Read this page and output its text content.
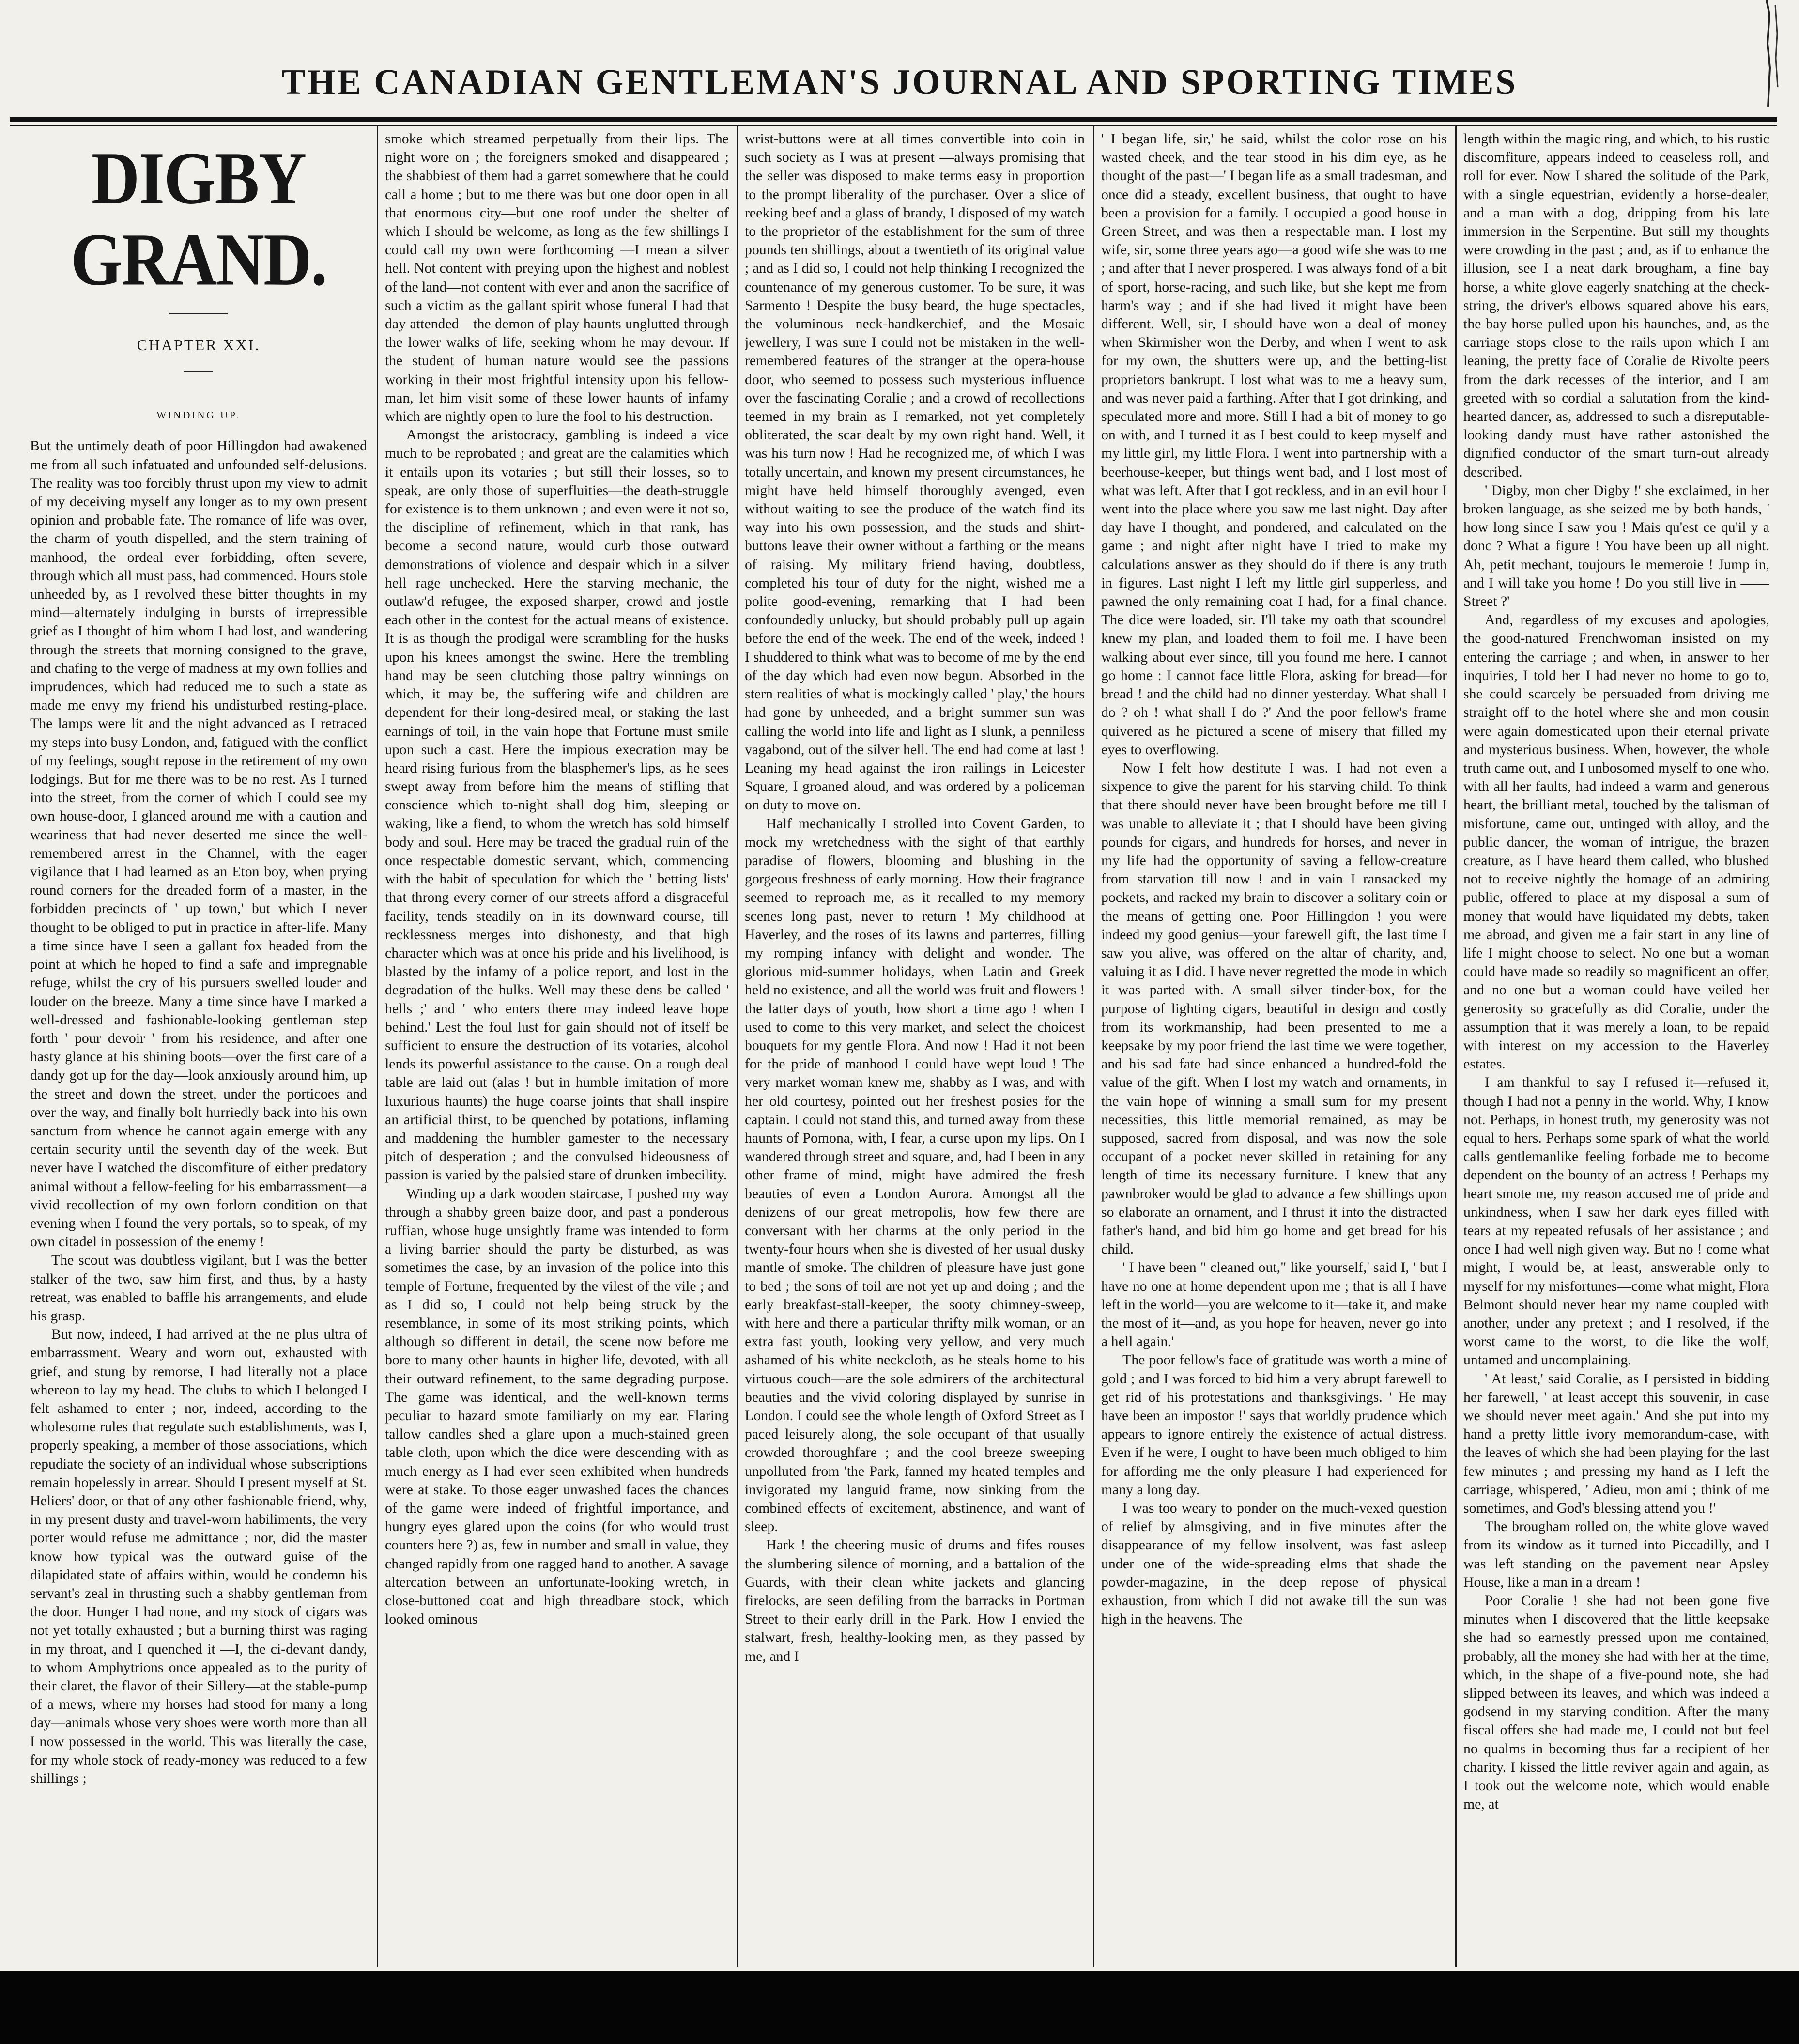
THE CANADIAN GENTLEMAN'S JOURNAL AND SPORTING TIMES
DIGBY GRAND.
CHAPTER XXI.
WINDING UP.

But the untimely death of poor Hillingdon had awakened me from all such infatuated and unfounded self-delusions. The reality was too forcibly thrust upon my view to admit of my deceiving myself any longer as to my own present opinion and probable fate. The romance of life was over, the charm of youth dispelled, and the stern training of manhood, the ordeal ever forbidding, often severe, through which all must pass, had commenced. Hours stole unheeded by, as I revolved these bitter thoughts in my mind—alternately indulging in bursts of irrepressible grief as I thought of him whom I had lost, and wandering through the streets that morning consigned to the grave, and chafing to the verge of madness at my own follies and imprudences, which had reduced me to such a state as made me envy my friend his undisturbed resting-place. The lamps were lit and the night advanced as I retraced my steps into busy London, and, fatigued with the conflict of my feelings, sought repose in the retirement of my own lodgings. But for me there was to be no rest. As I turned into the street, from the corner of which I could see my own house-door, I glanced around me with a caution and weariness that had never deserted me since the well-remembered arrest in the Channel, with the eager vigilance that I had learned as an Eton boy, when prying round corners for the dreaded form of a master, in the forbidden precincts of ' up town,' but which I never thought to be obliged to put in practice in after-life. Many a time since have I seen a gallant fox headed from the point at which he hoped to find a safe and impregnable refuge, whilst the cry of his pursuers swelled louder and louder on the breeze. Many a time since have I marked a well-dressed and fashionable-looking gentleman step forth ' pour devoir ' from his residence, and after one hasty glance at his shining boots—over the first care of a dandy got up for the day—look anxiously around him, up the street and down the street, under the porticoes and over the way, and finally bolt hurriedly back into his own sanctum from whence he cannot again emerge with any certain security until the seventh day of the week. But never have I watched the discomfiture of either predatory animal without a fellow-feeling for his embarrassment—a vivid recollection of my own forlorn condition on that evening when I found the very portals, so to speak, of my own citadel in possession of the enemy !

The scout was doubtless vigilant, but I was the better stalker of the two, saw him first, and thus, by a hasty retreat, was enabled to baffle his arrangements, and elude his grasp.

But now, indeed, I had arrived at the ne plus ultra of embarrassment. Weary and worn out, exhausted with grief, and stung by remorse, I had literally not a place whereon to lay my head. The clubs to which I belonged I felt ashamed to enter ; nor, indeed, according to the wholesome rules that regulate such establishments, was I, properly speaking, a member of those associations, which repudiate the society of an individual whose subscriptions remain hopelessly in arrear. Should I present myself at St. Heliers' door, or that of any other fashionable friend, why, in my present dusty and travel-worn habiliments, the very porter would refuse me admittance ; nor, did the master know how typical was the outward guise of the dilapidated state of affairs within, would he condemn his servant's zeal in thrusting such a shabby gentleman from the door. Hunger I had none, and my stock of cigars was not yet totally exhausted ; but a burning thirst was raging in my throat, and I quenched it —I, the ci-devant dandy, to whom Amphytrions once appealed as to the purity of their claret, the flavor of their Sillery—at the stable-pump of a mews, where my horses had stood for many a long day—animals whose very shoes were worth more than all I now possessed in the world. This was literally the case, for my whole stock of ready-money was reduced to a few shillings ;

smoke which streamed perpetually from their lips. The night wore on ; the foreigners smoked and disappeared ; the shabbiest of them had a garret somewhere that he could call a home ; but to me there was but one door open in all that enormous city—but one roof under the shelter of which I should be welcome, as long as the few shillings I could call my own were forthcoming —I mean a silver hell. Not content with preying upon the highest and noblest of the land—not content with ever and anon the sacrifice of such a victim as the gallant spirit whose funeral I had that day attended—the demon of play haunts unglutted through the lower walks of life, seeking whom he may devour. If the student of human nature would see the passions working in their most frightful intensity upon his fellow-man, let him visit some of these lower haunts of infamy which are nightly open to lure the fool to his destruction.

Amongst the aristocracy, gambling is indeed a vice much to be reprobated ; and great are the calamities which it entails upon its votaries ; but still their losses, so to speak, are only those of superfluities—the death-struggle for existence is to them unknown ; and even were it not so, the discipline of refinement, which in that rank, has become a second nature, would curb those outward demonstrations of violence and despair which in a silver hell rage unchecked. Here the starving mechanic, the outlaw'd refugee, the exposed sharper, crowd and jostle each other in the contest for the actual means of existence. It is as though the prodigal were scrambling for the husks upon his knees amongst the swine. Here the trembling hand may be seen clutching those paltry winnings on which, it may be, the suffering wife and children are dependent for their long-desired meal, or staking the last earnings of toil, in the vain hope that Fortune must smile upon such a cast. Here the impious execration may be heard rising furious from the blasphemer's lips, as he sees swept away from before him the means of stifling that conscience which to-night shall dog him, sleeping or waking, like a fiend, to whom the wretch has sold himself body and soul. Here may be traced the gradual ruin of the once respectable domestic servant, which, commencing with the habit of speculation for which the ' betting lists' that throng every corner of our streets afford a disgraceful facility, tends steadily on in its downward course, till recklessness merges into dishonesty, and that high character which was at once his pride and his livelihood, is blasted by the infamy of a police report, and lost in the degradation of the hulks. Well may these dens be called ' hells ;' and ' who enters there may indeed leave hope behind.' Lest the foul lust for gain should not of itself be sufficient to ensure the destruction of its votaries, alcohol lends its powerful assistance to the cause. On a rough deal table are laid out (alas ! but in humble imitation of more luxurious haunts) the huge coarse joints that shall inspire an artificial thirst, to be quenched by potations, inflaming and maddening the humbler gamester to the necessary pitch of desperation ; and the convulsed hideousness of passion is varied by the palsied stare of drunken imbecility.

Winding up a dark wooden staircase, I pushed my way through a shabby green baize door, and past a ponderous ruffian, whose huge unsightly frame was intended to form a living barrier should the party be disturbed, as was sometimes the case, by an invasion of the police into this temple of Fortune, frequented by the vilest of the vile ; and as I did so, I could not help being struck by the resemblance, in some of its most striking points, which although so different in detail, the scene now before me bore to many other haunts in higher life, devoted, with all their outward refinement, to the same degrading purpose. The game was identical, and the well-known terms peculiar to hazard smote familiarly on my ear. Flaring tallow candles shed a glare upon a much-stained green table cloth, upon which the dice were descending with as much energy as I had ever seen exhibited when hundreds were at stake. To those eager unwashed faces the chances of the game were indeed of frightful importance, and hungry eyes glared upon the coins (for who would trust counters here ?) as, few in number and small in value, they changed rapidly from one ragged hand to another. A savage altercation between an unfortunate-looking wretch, in close-buttoned coat and high threadbare stock, which looked ominous

wrist-buttons were at all times convertible into coin in such society as I was at present —always promising that the seller was disposed to make terms easy in proportion to the prompt liberality of the purchaser. Over a slice of reeking beef and a glass of brandy, I disposed of my watch to the proprietor of the establishment for the sum of three pounds ten shillings, about a twentieth of its original value ; and as I did so, I could not help thinking I recognized the countenance of my generous customer. To be sure, it was Sarmento ! Despite the busy beard, the huge spectacles, the voluminous neck-handkerchief, and the Mosaic jewellery, I was sure I could not be mistaken in the well-remembered features of the stranger at the opera-house door, who seemed to possess such mysterious influence over the fascinating Coralie ; and a crowd of recollections teemed in my brain as I remarked, not yet completely obliterated, the scar dealt by my own right hand. Well, it was his turn now ! Had he recognized me, of which I was totally uncertain, and known my present circumstances, he might have held himself thoroughly avenged, even without waiting to see the produce of the watch find its way into his own possession, and the studs and shirt-buttons leave their owner without a farthing or the means of raising. My military friend having, doubtless, completed his tour of duty for the night, wished me a polite good-evening, remarking that I had been confoundedly unlucky, but should probably pull up again before the end of the week. The end of the week, indeed ! I shuddered to think what was to become of me by the end of the day which had even now begun. Absorbed in the stern realities of what is mockingly called ' play,' the hours had gone by unheeded, and a bright summer sun was calling the world into life and light as I slunk, a penniless vagabond, out of the silver hell. The end had come at last ! Leaning my head against the iron railings in Leicester Square, I groaned aloud, and was ordered by a policeman on duty to move on.

Half mechanically I strolled into Covent Garden, to mock my wretchedness with the sight of that earthly paradise of flowers, blooming and blushing in the gorgeous freshness of early morning. How their fragrance seemed to reproach me, as it recalled to my memory scenes long past, never to return ! My childhood at Haverley, and the roses of its lawns and parterres, filling my romping infancy with delight and wonder. The glorious mid-summer holidays, when Latin and Greek held no existence, and all the world was fruit and flowers ! the latter days of youth, how short a time ago ! when I used to come to this very market, and select the choicest bouquets for my gentle Flora. And now ! Had it not been for the pride of manhood I could have wept loud ! The very market woman knew me, shabby as I was, and with her old courtesy, pointed out her freshest posies for the captain. I could not stand this, and turned away from these haunts of Pomona, with, I fear, a curse upon my lips. On I wandered through street and square, and, had I been in any other frame of mind, might have admired the fresh beauties of even a London Aurora. Amongst all the denizens of our great metropolis, how few there are conversant with her charms at the only period in the twenty-four hours when she is divested of her usual dusky mantle of smoke. The children of pleasure have just gone to bed ; the sons of toil are not yet up and doing ; and the early breakfast-stall-keeper, the sooty chimney-sweep, with here and there a particular thrifty milk woman, or an extra fast youth, looking very yellow, and very much ashamed of his white neckcloth, as he steals home to his virtuous couch—are the sole admirers of the architectural beauties and the vivid coloring displayed by sunrise in London. I could see the whole length of Oxford Street as I paced leisurely along, the sole occupant of that usually crowded thoroughfare ; and the cool breeze sweeping unpolluted from 'the Park, fanned my heated temples and invigorated my languid frame, now sinking from the combined effects of excitement, abstinence, and want of sleep.

Hark ! the cheering music of drums and fifes rouses the slumbering silence of morning, and a battalion of the Guards, with their clean white jackets and glancing firelocks, are seen defiling from the barracks in Portman Street to their early drill in the Park. How I envied the stalwart, fresh, healthy-looking men, as they passed by me, and I

' I began life, sir,' he said, whilst the color rose on his wasted cheek, and the tear stood in his dim eye, as he thought of the past—' I began life as a small tradesman, and once did a steady, excellent business, that ought to have been a provision for a family. I occupied a good house in Green Street, and was then a respectable man. I lost my wife, sir, some three years ago—a good wife she was to me ; and after that I never prospered. I was always fond of a bit of sport, horse-racing, and such like, but she kept me from harm's way ; and if she had lived it might have been different. Well, sir, I should have won a deal of money when Skirmisher won the Derby, and when I went to ask for my own, the shutters were up, and the betting-list proprietors bankrupt. I lost what was to me a heavy sum, and was never paid a farthing. After that I got drinking, and speculated more and more. Still I had a bit of money to go on with, and I turned it as I best could to keep myself and my little girl, my little Flora. I went into partnership with a beerhouse-keeper, but things went bad, and I lost most of what was left. After that I got reckless, and in an evil hour I went into the place where you saw me last night. Day after day have I thought, and pondered, and calculated on the game ; and night after night have I tried to make my calculations answer as they should do if there is any truth in figures. Last night I left my little girl supperless, and pawned the only remaining coat I had, for a final chance. The dice were loaded, sir. I'll take my oath that scoundrel knew my plan, and loaded them to foil me. I have been walking about ever since, till you found me here. I cannot go home : I cannot face little Flora, asking for bread—for bread ! and the child had no dinner yesterday. What shall I do ? oh ! what shall I do ?' And the poor fellow's frame quivered as he pictured a scene of misery that filled my eyes to overflowing.

Now I felt how destitute I was. I had not even a sixpence to give the parent for his starving child. To think that there should never have been brought before me till I was unable to alleviate it ; that I should have been giving pounds for cigars, and hundreds for horses, and never in my life had the opportunity of saving a fellow-creature from starvation till now ! and in vain I ransacked my pockets, and racked my brain to discover a solitary coin or the means of getting one. Poor Hillingdon ! you were indeed my good genius—your farewell gift, the last time I saw you alive, was offered on the altar of charity, and, valuing it as I did. I have never regretted the mode in which it was parted with. A small silver tinder-box, for the purpose of lighting cigars, beautiful in design and costly from its workmanship, had been presented to me a keepsake by my poor friend the last time we were together, and his sad fate had since enhanced a hundred-fold the value of the gift. When I lost my watch and ornaments, in the vain hope of winning a small sum for my present necessities, this little memorial remained, as may be supposed, sacred from disposal, and was now the sole occupant of a pocket never skilled in retaining for any length of time its necessary furniture. I knew that any pawnbroker would be glad to advance a few shillings upon so elaborate an ornament, and I thrust it into the distracted father's hand, and bid him go home and get bread for his child.

' I have been " cleaned out," like yourself,' said I, ' but I have no one at home dependent upon me ; that is all I have left in the world—you are welcome to it—take it, and make the most of it—and, as you hope for heaven, never go into a hell again.'

The poor fellow's face of gratitude was worth a mine of gold ; and I was forced to bid him a very abrupt farewell to get rid of his protestations and thanksgivings. ' He may have been an impostor !' says that worldly prudence which appears to ignore entirely the existence of actual distress. Even if he were, I ought to have been much obliged to him for affording me the only pleasure I had experienced for many a long day.

I was too weary to ponder on the much-vexed question of relief by almsgiving, and in five minutes after the disappearance of my fellow insolvent, was fast asleep under one of the wide-spreading elms that shade the powder-magazine, in the deep repose of physical exhaustion, from which I did not awake till the sun was high in the heavens. The

length within the magic ring, and which, to his rustic discomfiture, appears indeed to ceaseless roll, and roll for ever. Now I shared the solitude of the Park, with a single equestrian, evidently a horse-dealer, and a man with a dog, dripping from his late immersion in the Serpentine. But still my thoughts were crowding in the past ; and, as if to enhance the illusion, see I a neat dark brougham, a fine bay horse, a white glove eagerly snatching at the check-string, the driver's elbows squared above his ears, the bay horse pulled upon his haunches, and, as the carriage stops close to the rails upon which I am leaning, the pretty face of Coralie de Rivolte peers from the dark recesses of the interior, and I am greeted with so cordial a salutation from the kind-hearted dancer, as, addressed to such a disreputable-looking dandy must have rather astonished the dignified conductor of the smart turn-out already described.

' Digby, mon cher Digby !' she exclaimed, in her broken language, as she seized me by both hands, ' how long since I saw you ! Mais qu'est ce qu'il y a donc ? What a figure ! You have been up all night. Ah, petit mechant, toujours le memeroie ! Jump in, and I will take you home ! Do you still live in —— Street ?'

And, regardless of my excuses and apologies, the good-natured Frenchwoman insisted on my entering the carriage ; and when, in answer to her inquiries, I told her I had never no home to go to, she could scarcely be persuaded from driving me straight off to the hotel where she and mon cousin were again domesticated upon their eternal private and mysterious business. When, however, the whole truth came out, and I unbosomed myself to one who, with all her faults, had indeed a warm and generous heart, the brilliant metal, touched by the talisman of misfortune, came out, untinged with alloy, and the public dancer, the woman of intrigue, the brazen creature, as I have heard them called, who blushed not to receive nightly the homage of an admiring public, offered to place at my disposal a sum of money that would have liquidated my debts, taken me abroad, and given me a fair start in any line of life I might choose to select. No one but a woman could have made so readily so magnificent an offer, and no one but a woman could have veiled her generosity so gracefully as did Coralie, under the assumption that it was merely a loan, to be repaid with interest on my accession to the Haverley estates.

I am thankful to say I refused it—refused it, though I had not a penny in the world. Why, I know not. Perhaps, in honest truth, my generosity was not equal to hers. Perhaps some spark of what the world calls gentlemanlike feeling forbade me to become dependent on the bounty of an actress ! Perhaps my heart smote me, my reason accused me of pride and unkindness, when I saw her dark eyes filled with tears at my repeated refusals of her assistance ; and once I had well nigh given way. But no ! come what might, I would be, at least, answerable only to myself for my misfortunes—come what might, Flora Belmont should never hear my name coupled with another, under any pretext ; and I resolved, if the worst came to the worst, to die like the wolf, untamed and uncomplaining.

' At least,' said Coralie, as I persisted in bidding her farewell, ' at least accept this souvenir, in case we should never meet again.' And she put into my hand a pretty little ivory memorandum-case, with the leaves of which she had been playing for the last few minutes ; and pressing my hand as I left the carriage, whispered, ' Adieu, mon ami ; think of me sometimes, and God's blessing attend you !'

The brougham rolled on, the white glove waved from its window as it turned into Piccadilly, and I was left standing on the pavement near Apsley House, like a man in a dream !

Poor Coralie ! she had not been gone five minutes when I discovered that the little keepsake she had so earnestly pressed upon me contained, probably, all the money she had with her at the time, which, in the shape of a five-pound note, she had slipped between its leaves, and which was indeed a godsend in my starving condition. After the many fiscal offers she had made me, I could not but feel no qualms in becoming thus far a recipient of her charity. I kissed the little reviver again and again, as I took out the welcome note, which would enable me, at
